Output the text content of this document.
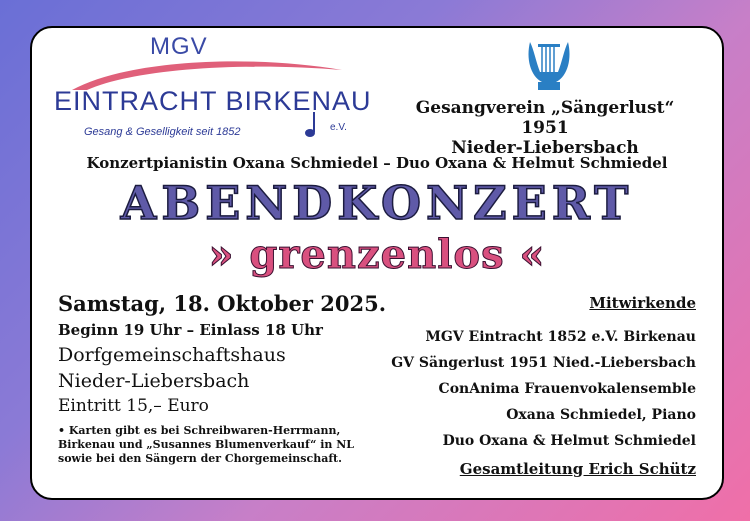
MGV
EINTRACHT BIRKENAU
e.V.
Gesang & Geselligkeit seit 1852
Gesangverein „Sängerlust“ 1951
Nieder-Liebersbach
Konzertpianistin Oxana Schmiedel – Duo Oxana & Helmut Schmiedel
ABENDKONZERT
» grenzenlos «

Samstag, 18. Oktober 2025.

Beginn 19 Uhr – Einlass 18 Uhr

Dorfgemeinschaftshaus

Nieder-Liebersbach

Eintritt 15,– Euro

• Karten gibt es bei Schreibwaren-Herrmann,
Birkenau und „Susannes Blumenverkauf“ in NL
sowie bei den Sängern der Chorgemeinschaft.
Mitwirkende
MGV Eintracht 1852 e.V. Birkenau
GV Sängerlust 1951 Nied.-Liebersbach
ConAnima Frauenvokalensemble
Oxana Schmiedel, Piano
Duo Oxana & Helmut Schmiedel
Gesamtleitung Erich Schütz
